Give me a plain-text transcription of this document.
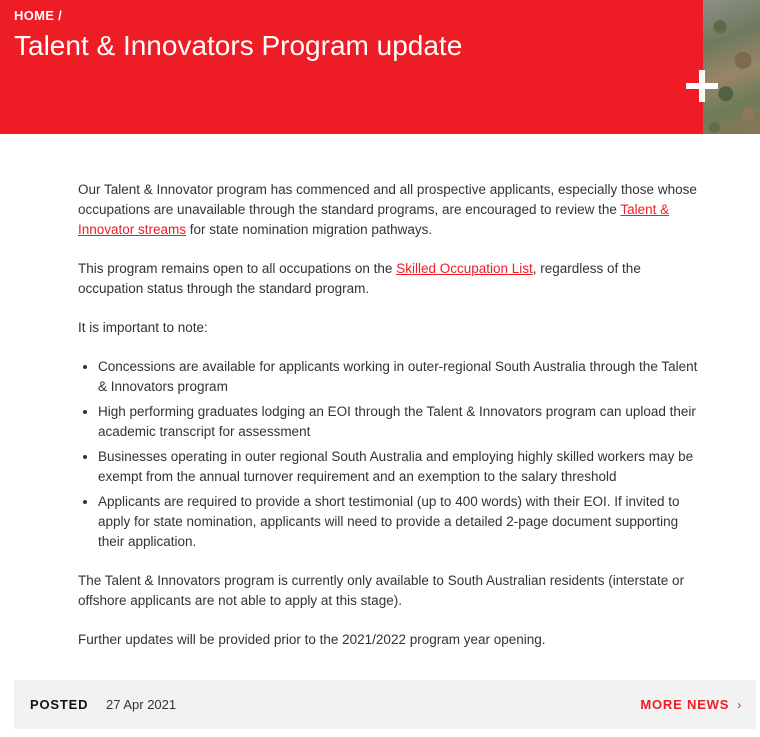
HOME /
Talent & Innovators Program update

Our Talent & Innovator program has commenced and all prospective applicants, especially those whose occupations are unavailable through the standard programs, are encouraged to review the Talent & Innovator streams for state nomination migration pathways.

This program remains open to all occupations on the Skilled Occupation List, regardless of the occupation status through the standard program.

It is important to note:

• Concessions are available for applicants working in outer-regional South Australia through the Talent & Innovators program
• High performing graduates lodging an EOI through the Talent & Innovators program can upload their academic transcript for assessment
• Businesses operating in outer regional South Australia and employing highly skilled workers may be exempt from the annual turnover requirement and an exemption to the salary threshold
• Applicants are required to provide a short testimonial (up to 400 words) with their EOI. If invited to apply for state nomination, applicants will need to provide a detailed 2-page document supporting their application.

The Talent & Innovators program is currently only available to South Australian residents (interstate or offshore applicants are not able to apply at this stage).

Further updates will be provided prior to the 2021/2022 program year opening.

POSTED 27 Apr 2021	MORE NEWS ›
